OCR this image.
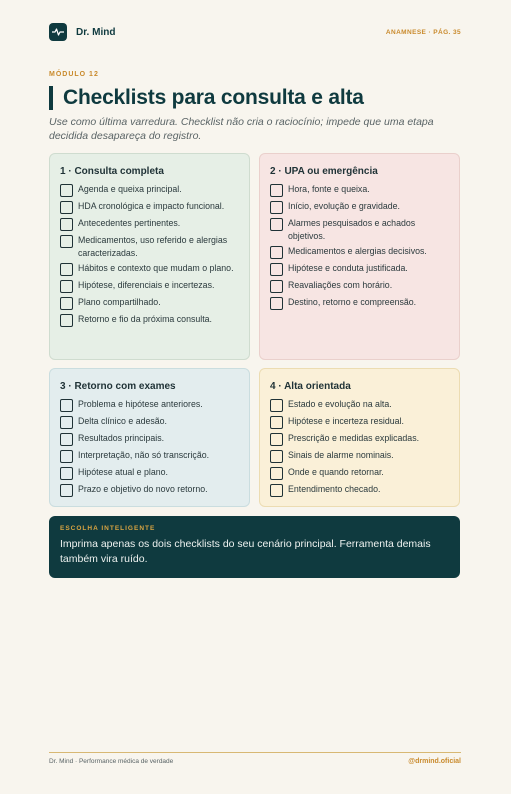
Dr. Mind	ANAMNESE · PÁG. 35
MÓDULO 12
Checklists para consulta e alta

Use como última varredura. Checklist não cria o raciocínio; impede que uma etapa decidida desapareça do registro.

1 · Consulta completa
Agenda e queixa principal.
HDA cronológica e impacto funcional.
Antecedentes pertinentes.
Medicamentos, uso referido e alergias caracterizadas.
Hábitos e contexto que mudam o plano.
Hipótese, diferenciais e incertezas.
Plano compartilhado.
Retorno e fio da próxima consulta.
2 · UPA ou emergência
Hora, fonte e queixa.
Início, evolução e gravidade.
Alarmes pesquisados e achados objetivos.
Medicamentos e alergias decisivos.
Hipótese e conduta justificada.
Reavaliações com horário.
Destino, retorno e compreensão.
3 · Retorno com exames
Problema e hipótese anteriores.
Delta clínico e adesão.
Resultados principais.
Interpretação, não só transcrição.
Hipótese atual e plano.
Prazo e objetivo do novo retorno.
4 · Alta orientada
Estado e evolução na alta.
Hipótese e incerteza residual.
Prescrição e medidas explicadas.
Sinais de alarme nominais.
Onde e quando retornar.
Entendimento checado.
ESCOLHA INTELIGENTE

Imprima apenas os dois checklists do seu cenário principal. Ferramenta demais também vira ruído.

Dr. Mind · Performance médica de verdade	@drmind.oficial
